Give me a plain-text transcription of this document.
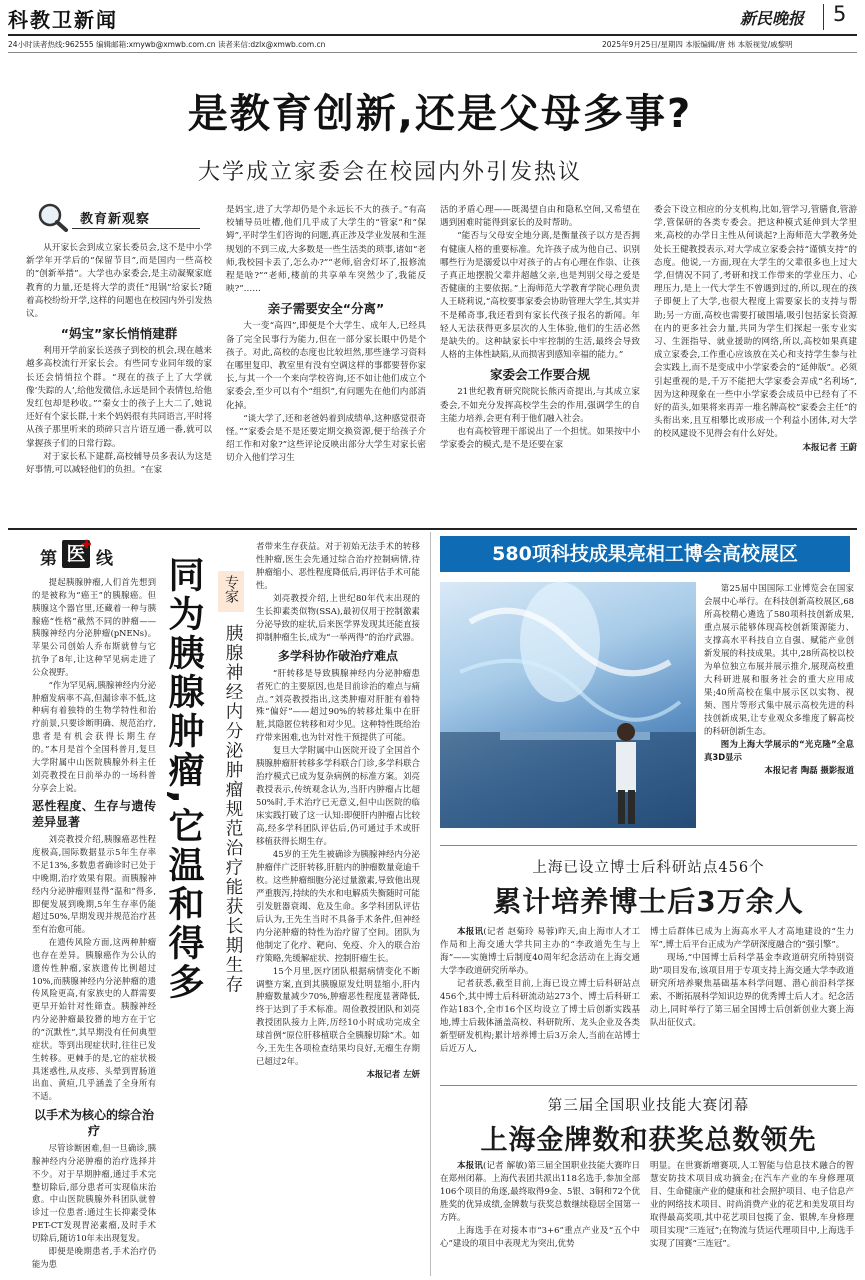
科教卫新闻	新民晚报 5
24小时读者热线:962555 编辑邮箱:xmywb@xmwb.com.cn 读者来信:dzlx@xmwb.com.cn	2025年9月25日/星期四 本版编辑/唐 炜 本版视觉/戚黎明
是教育创新,还是父母多事?
大学成立家委会在校园内外引发热议
教育新观察

从开家长会到成立家长委员会,这不是中小学新学年开学后的“保留节目”,而是国内一些高校的“创新举措”。大学也办家委会,是主动凝聚家庭教育的力量,还是将大学的责任“甩锅”给家长?随着高校纷纷开学,这样的问题也在校园内外引发热议。

“妈宝”家长悄悄建群

利用开学前家长送孩子到校的机会,现在越来越多高校流行开家长会。有些同专业同年级的家长还会悄悄拉个群。“现在的孩子上了大学就像‘失踪的人’,给他发微信,永远是回个表情包,给他发红包却是秒收。”“秦女士的孩子上大二了,她说还好有个家长群,十来个妈妈很有共同语言,平时将从孩子那里听来的琐碎只言片语互通一番,就可以掌握孩子们的日常行踪。

对于家长私下建群,高校辅导员多表认为这是好事情,可以减轻他们的负担。“在家

是妈宝,进了大学却仍是个永远长不大的孩子。”有高校辅导员吐槽,他们几乎成了大学生的“管家”和“保姆”,平时学生们咨询的问题,真正涉及学业发展和生涯规划的不到三成,大多数是一些生活类的琐事,诸如“老师,我校园卡丢了,怎么办?”“老师,宿舍灯坏了,报修流程是啥?”“老师,楼前的共享单车突然少了,我能反映?”……

亲子需要安全“分离”

大一变“高四”,即便是个大学生、成年人,已经具备了完全民事行为能力,但在一部分家长眼中仍是个孩子。对此,高校的态度也比较坦然,那些逢学习资料在哪里复印、教室里有没有空调这样的事都要替你家长,与其一个一个来向学校咨询,还不如让他们成立个家委会,至少可以有个“组织”,有问题先在他们内部消化掉。

“谈大学了,还和老爸妈着到成绩单,这种感觉很奇怪。”“家委会是不是还要定期交换资源,便于给孩子介绍工作和对象?”这些评论反映出部分大学生对家长密切介入他们学习生

活的矛盾心理——既渴望自由和隐私空间,又希望在遇到困难时能得到家长的及时帮助。

“能否与父母安全地分离,是衡量孩子以方是否拥有健康人格的重要标准。允许孩子成为他自己、识别哪些行为是溺爱以中对孩子的占有心理在作祟、让孩子真正地摆脱父辈并超越父亲,也是判别父母之爱是否健康的主要依据。”上海师范大学教育学院心理负责人王晓莉说,“高校要事家委会协助管理大学生,其实并不是稀奇事,我还看到有家长代孩子报名的新闻。年轻人无法获得更多层次的人生体验,他们的生活必然是缺失的。这种缺家长中牢控制的生活,最终会导致人格的主体性缺陷,从而损害到感知幸福的能力。”

家委会工作要合规

21世纪教育研究院院长熊丙奇提出,与其成立家委会,不如充分发挥高校学生会的作用,强调学生的自主能力培养,会更有利于他们融入社会。

也有高校管理干部说出了一个担忧。如果按中小学家委会的模式,是不是还要在家

委会下设立相应的分支机构,比如,管学习,管膳食,管游学,管保研的各类专委会。把这种模式延伸到大学里来,高校的办学日主性从何谈起?上海师范大学教务处处长王健教授表示,对大学成立家委会持“谨慎支持”的态度。他说,一方面,现在大学生的父辈很多也上过大学,但情况不同了,考研和找工作带来的学业压力、心理压力,是上一代大学生不曾遇到过的,所以,现在的孩子即便上了大学,也很大程度上需要家长的支持与帮助;另一方面,高校也需要打破围墙,吸引包括家长资源在内的更多社会力量,共同为学生们探起一张专业实习、生涯指导、就业援助的网络,所以,高校如果真建成立家委会,工作重心应该放在关心和支持学生参与社会实践上,而不是变成中小学家委会的“延伸版”。必须引起重视的是,千万不能把大学家委会弄成“名利场”,因为这种现象在一些中小学家委会成员中已经有了不好的苗头,如果将来再弄一堆名牌高校“家委会主任”的头衔出来,且互相攀比或形成一个利益小团体,对大学的校风建设不见得会有什么好处。

本报记者 王蔚
第 医
✚
线

提起胰腺肿瘤,人们首先想到的是被称为“癌王”的胰腺癌。但胰腺这个器官里,还藏着一种与胰腺癌“性格”截然不同的肿瘤——胰腺神经内分泌肿瘤(pNENs)。苹果公司创始人乔布斯就曾与它抗争了8年,让这种罕见病走进了公众视野。

“作为罕见病,胰腺神经内分泌肿瘤发病率不高,但漏诊率不低,这种病有着独特的生物学特性和治疗前景,只要诊断明确、规范治疗,患者是有机会获得长期生存的。”本月是首个全国科普月,复旦大学附属中山医院胰腺外科主任刘亮教授在日前举办的一场科普分享会上说。

恶性程度、生存与遗传差异显著

刘亮教授介绍,胰腺癌恶性程度极高,国际数据显示5年生存率不足13%,多数患者确诊时已处于中晚期,治疗效果有限。而胰腺神经内分泌肿瘤则显得“温和”得多,即便发展到晚期,5年生存率仍能超过50%,早期发现并规范治疗甚至有治愈可能。

在遗传风险方面,这两种肿瘤也存在差异。胰腺癌作为公认的遗传性肿瘤,家族遗传比例超过10%,而胰腺神经内分泌肿瘤的遗传风险更高,有家族史的人群需要更早开始针对性筛查。胰腺神经内分泌肿瘤最狡猾的地方在于它的“沉默性”,其早期没有任何典型症状。等到出现症状时,往往已发生转移。更棘手的是,它的症状极具迷惑性,从皮疹、头晕到胃肠道出血、黄疸,几乎涵盖了全身所有不适。

以手术为核心的综合治疗

尽管诊断困难,但一旦确诊,胰腺神经内分泌肿瘤的治疗选择并不少。对于早期肿瘤,通过手术完整切除后,部分患者可实现临床治愈。中山医院胰腺外科团队就曾诊过一位患者:通过生长抑素受体PET-CT发现胃泌素瘤,及时手术切除后,随访10年未出现复发。

即便是晚期患者,手术治疗仍能为患

同为胰腺肿瘤,它温和得多	专家
胰腺神经内分泌肿瘤规范治疗能获长期生存

者带来生存获益。对于初始无法手术的转移性肿瘤,医生会先通过综合治疗控制病情,待肿瘤缩小、恶性程度降低后,再评估手术可能性。

刘亮教授介绍,上世纪80年代末出现的生长抑素类似物(SSA),最初仅用于控制激素分泌导致的症状,后来医学界发现其还能直接抑制肿瘤生长,成为“一举两得”的治疗武器。

多学科协作破治疗难点

“肝转移是导致胰腺神经内分泌肿瘤患者死亡的主要原因,也是目前诊治的难点与痛点。”刘亮教授指出,这类肿瘤对肝脏有着特殊“偏好”——超过90%的转移灶集中在肝脏,其隐匿位转移和对少见。这种特性既给治疗带来困难,也为针对性干预提供了可能。

复旦大学附属中山医院开设了全国首个胰腺肿瘤肝转移多学科联合门诊,多学科联合治疗模式已成为复杂病例的标准方案。刘亮教授表示,传统观念认为,当肝内肿瘤占比超50%时,手术治疗已无意义,但中山医院的临床实践打破了这一认知:即便肝内肿瘤占比较高,经多学科团队评估后,仍可通过手术或肝移植获得长期生存。

45岁的王先生被确诊为胰腺神经内分泌肿瘤伴广泛肝转移,肝脏内的肿瘤数量竟逾千枚。这些肿瘤细胞分泌过量激素,导致他出现严重腹泻,持续的失水和电解质失衡随时可能引发脏器衰竭、危及生命。多学科团队评估后认为,王先生当时不具备手术条件,但神经内分泌肿瘤的特性为治疗留了空间。团队为他制定了化疗、靶向、免疫、介入的联合治疗策略,先缓解症状、控制肝瘤生长。

15个月里,医疗团队根据病情变化不断调整方案,直到其胰腺原发灶明显缩小,肝内肿瘤数量减少70%,肿瘤恶性程度显著降低,终于达到了手术标准。周俭教授团队和刘亮教授团队接力上阵,历经10小时成功完成全球首例“原位肝移植联合全胰腺切除”术。如今,王先生各项检查结果均良好,无瘤生存期已超过2年。

本报记者 左妍
580项科技成果亮相工博会高校展区

第25届中国国际工业博览会在国家会展中心举行。在科技创新高校展区,68所高校精心遴选了580项科技创新成果,重点展示能够体现高校创新策源能力、支撑高水平科技自立自强、赋能产业创新发展的科技成果。其中,28所高校以校为单位独立布展并展示推介,展现高校重大科研进展和服务社会的重大应用成果;40所高校在集中展示区以实物、视频、图片等形式集中展示高校先进的科技创新成果,让专业观众多维度了解高校的科研创新生态。

图为上海大学展示的“光克隆”全息真3D显示

本报记者 陶磊 摄影报道
上海已设立博士后科研站点456个
累计培养博士后3万余人

本报讯(记者 赵菊玲 易蓉)昨天,由上海市人才工作局和上海交通大学共同主办的“李政道先生与上海”——实施博士后制度40周年纪念活动在上海交通大学李政道研究所举办。

记者获悉,截至目前,上海已设立博士后科研站点456个,其中博士后科研流动站273个、博士后科研工作站183个,全市16个区均设立了博士后创新实践基地,博士后载体涵盖高校、科研院所、龙头企业及各类新型研发机构;累计培养博士后3万余人,当前在站博士后近万人,

博士后群体已成为上海高水平人才高地建设的“生力军”,博士后平台正成为产学研深度融合的“强引擎”。

现场,“中国博士后科学基金李政道研究所特别资助”项目发布,该项目用于专项支持上海交通大学李政道研究所培养聚焦基础基本科学问题、潜心前沿科学探索、不断拓展科学知识边界的优秀博士后人才。纪念活动上,同时举行了第三届全国博士后创新创业大赛上海队出征仪式。

第三届全国职业技能大赛闭幕
上海金牌数和获奖总数领先

本报讯(记者 解敏)第三届全国职业技能大赛昨日在郑州闭幕。上海代表团共派出118名选手,参加全部106个项目的角逐,最终取得9金、5银、3铜和72个优胜奖的优异成绩,金牌数与获奖总数继续稳居全国第一方阵。

上海选手在对接本市“3+6”重点产业及“五个中心”建设的项目中表现尤为突出,优势

明显。在世赛新增赛项,人工智能与信息技术融合的智慧安防技术项目成功摘金;在汽车产业的车身修理项目、生命健康产业的健康和社会照护项目、电子信息产业的网络技术项目、时尚消费产业的花艺和美发项目均取得最高奖项,其中花艺项目包揽了金、银牌,车身修理项目实现“三连冠”;在物流与货运代理项目中,上海选手实现了国赛“三连冠”。
